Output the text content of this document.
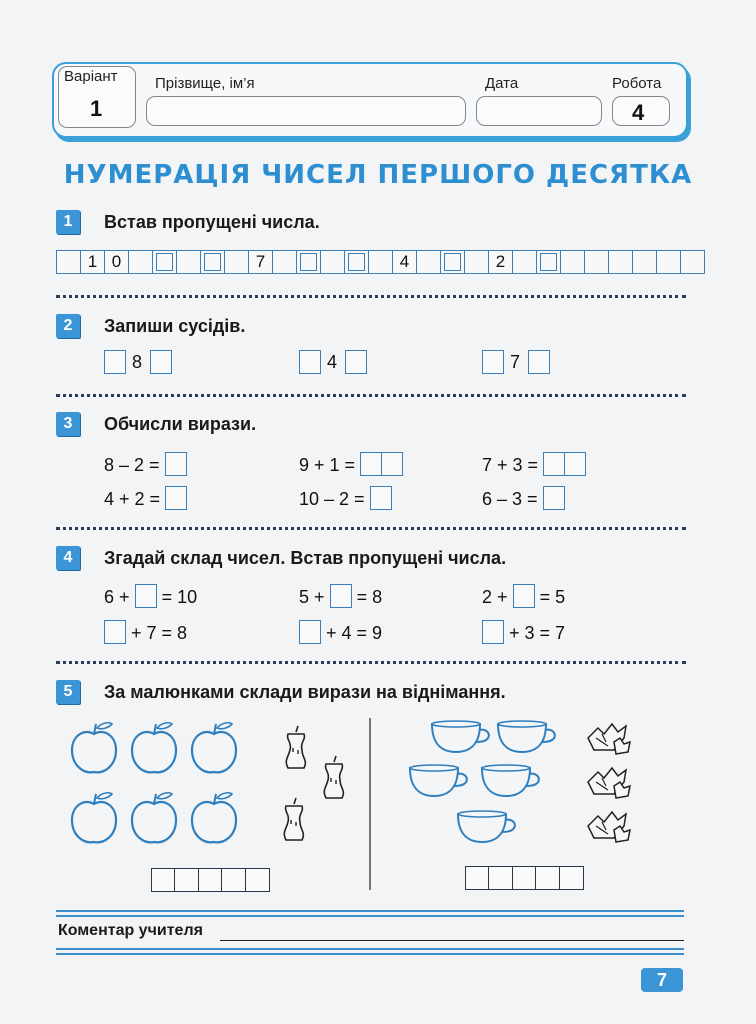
Варіант
1
Прізвище, ім’я	Дата	Робота
4
НУМЕРАЦІЯ ЧИСЕЛ ПЕРШОГО ДЕСЯТКА
1	Встав пропущені числа.
1 0	7	4	2
2	Запиши сусідів.
8	4	7
3	Обчисли вирази.
8 – 2 =	9 + 1 =	7 + 3 =
4 + 2 =	10 – 2 =	6 – 3 =
4	Згадай склад чисел. Встав пропущені числа.
6 + = 10	5 + = 8	2 + = 5
+ 7 = 8	+ 4 = 9	+ 3 = 7
5	За малюнками склади вирази на віднімання.
Коментар учителя
7
